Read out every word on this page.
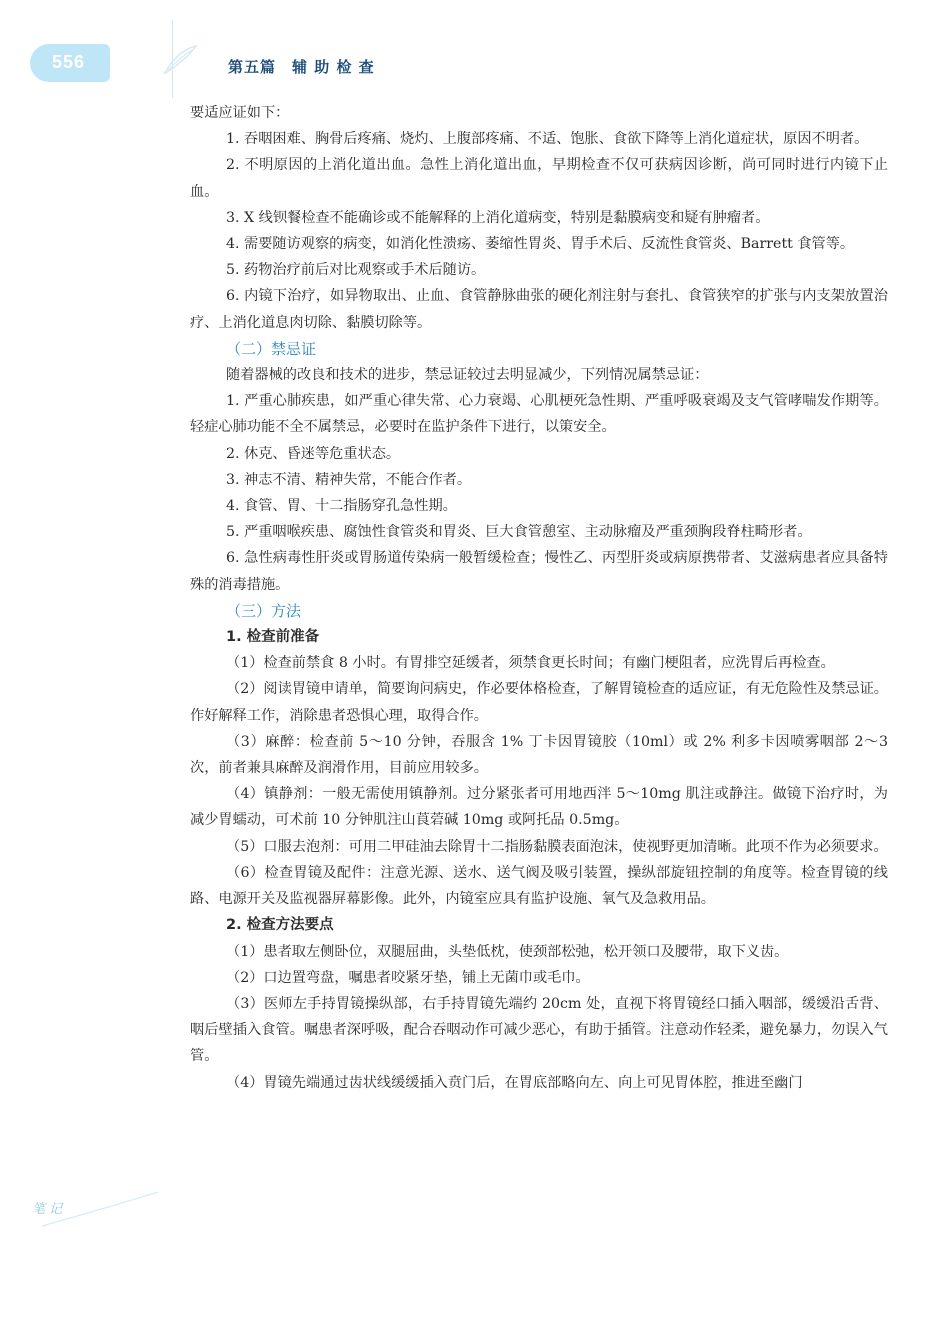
556	第五篇　辅 助 检 查

要适应证如下：

1. 吞咽困难、胸骨后疼痛、烧灼、上腹部疼痛、不适、饱胀、食欲下降等上消化道症状，原因不明者。

2. 不明原因的上消化道出血。急性上消化道出血，早期检查不仅可获病因诊断，尚可同时进行内镜下止血。

3. X 线钡餐检查不能确诊或不能解释的上消化道病变，特别是黏膜病变和疑有肿瘤者。

4. 需要随访观察的病变，如消化性溃疡、萎缩性胃炎、胃手术后、反流性食管炎、Barrett 食管等。

5. 药物治疗前后对比观察或手术后随访。

6. 内镜下治疗，如异物取出、止血、食管静脉曲张的硬化剂注射与套扎、食管狭窄的扩张与内支架放置治疗、上消化道息肉切除、黏膜切除等。

（二）禁忌证

随着器械的改良和技术的进步，禁忌证较过去明显减少，下列情况属禁忌证：

1. 严重心肺疾患，如严重心律失常、心力衰竭、心肌梗死急性期、严重呼吸衰竭及支气管哮喘发作期等。轻症心肺功能不全不属禁忌，必要时在监护条件下进行，以策安全。

2. 休克、昏迷等危重状态。

3. 神志不清、精神失常，不能合作者。

4. 食管、胃、十二指肠穿孔急性期。

5. 严重咽喉疾患、腐蚀性食管炎和胃炎、巨大食管憩室、主动脉瘤及严重颈胸段脊柱畸形者。

6. 急性病毒性肝炎或胃肠道传染病一般暂缓检查；慢性乙、丙型肝炎或病原携带者、艾滋病患者应具备特殊的消毒措施。

（三）方法

1. 检查前准备

（1）检查前禁食 8 小时。有胃排空延缓者，须禁食更长时间；有幽门梗阻者，应洗胃后再检查。

（2）阅读胃镜申请单，简要询问病史，作必要体格检查，了解胃镜检查的适应证，有无危险性及禁忌证。作好解释工作，消除患者恐惧心理，取得合作。

（3）麻醉：检查前 5～10 分钟，吞服含 1% 丁卡因胃镜胶（10ml）或 2% 利多卡因喷雾咽部 2～3 次，前者兼具麻醉及润滑作用，目前应用较多。

（4）镇静剂：一般无需使用镇静剂。过分紧张者可用地西泮 5～10mg 肌注或静注。做镜下治疗时，为减少胃蠕动，可术前 10 分钟肌注山莨菪碱 10mg 或阿托品 0.5mg。

（5）口服去泡剂：可用二甲硅油去除胃十二指肠黏膜表面泡沫，使视野更加清晰。此项不作为必须要求。

（6）检查胃镜及配件：注意光源、送水、送气阀及吸引装置，操纵部旋钮控制的角度等。检查胃镜的线路、电源开关及监视器屏幕影像。此外，内镜室应具有监护设施、氧气及急救用品。

2. 检查方法要点

（1）患者取左侧卧位，双腿屈曲，头垫低枕，使颈部松弛，松开领口及腰带，取下义齿。

（2）口边置弯盘，嘱患者咬紧牙垫，铺上无菌巾或毛巾。

（3）医师左手持胃镜操纵部，右手持胃镜先端约 20cm 处，直视下将胃镜经口插入咽部，缓缓沿舌背、咽后壁插入食管。嘱患者深呼吸，配合吞咽动作可减少恶心，有助于插管。注意动作轻柔，避免暴力，勿误入气管。

（4）胃镜先端通过齿状线缓缓插入贲门后，在胃底部略向左、向上可见胃体腔，推进至幽门

笔 记
